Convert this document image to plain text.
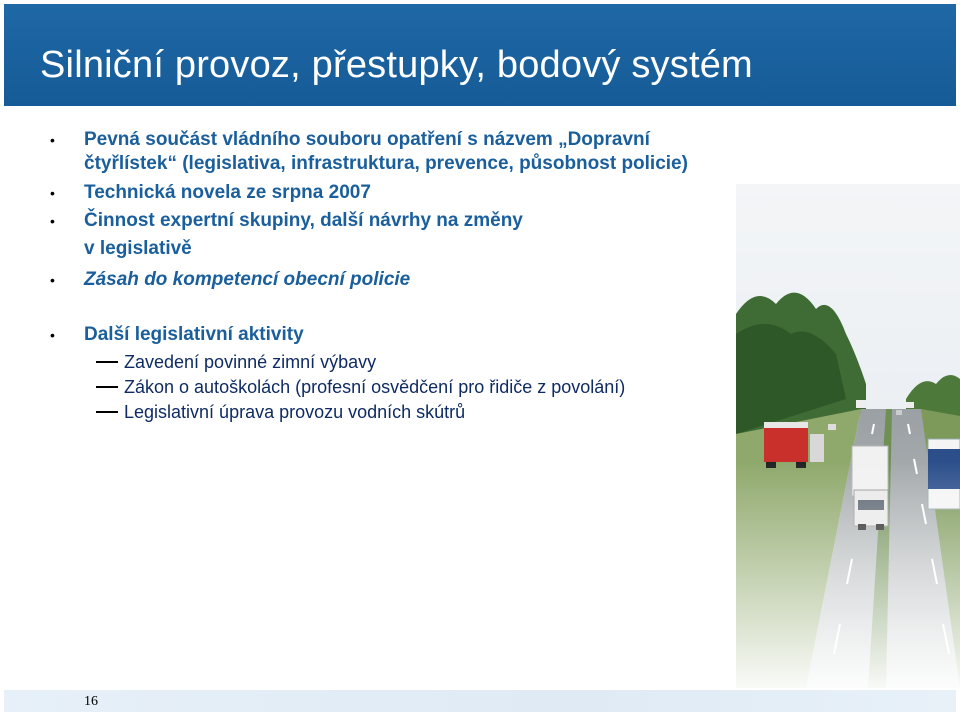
Silniční provoz, přestupky, bodový systém
• Pevná součást vládního souboru opatření s názvem „Dopravní
čtyřlístek“ (legislativa, infrastruktura, prevence, působnost policie)
• Technická novela ze srpna 2007
• Činnost expertní skupiny, další návrhy na změny
v legislativě
• Zásah do kompetencí obecní policie
• Další legislativní aktivity
Zavedení povinné zimní výbavy
Zákon o autoškolách (profesní osvědčení pro řidiče z povolání)
Legislativní úprava provozu vodních skútrů
16
